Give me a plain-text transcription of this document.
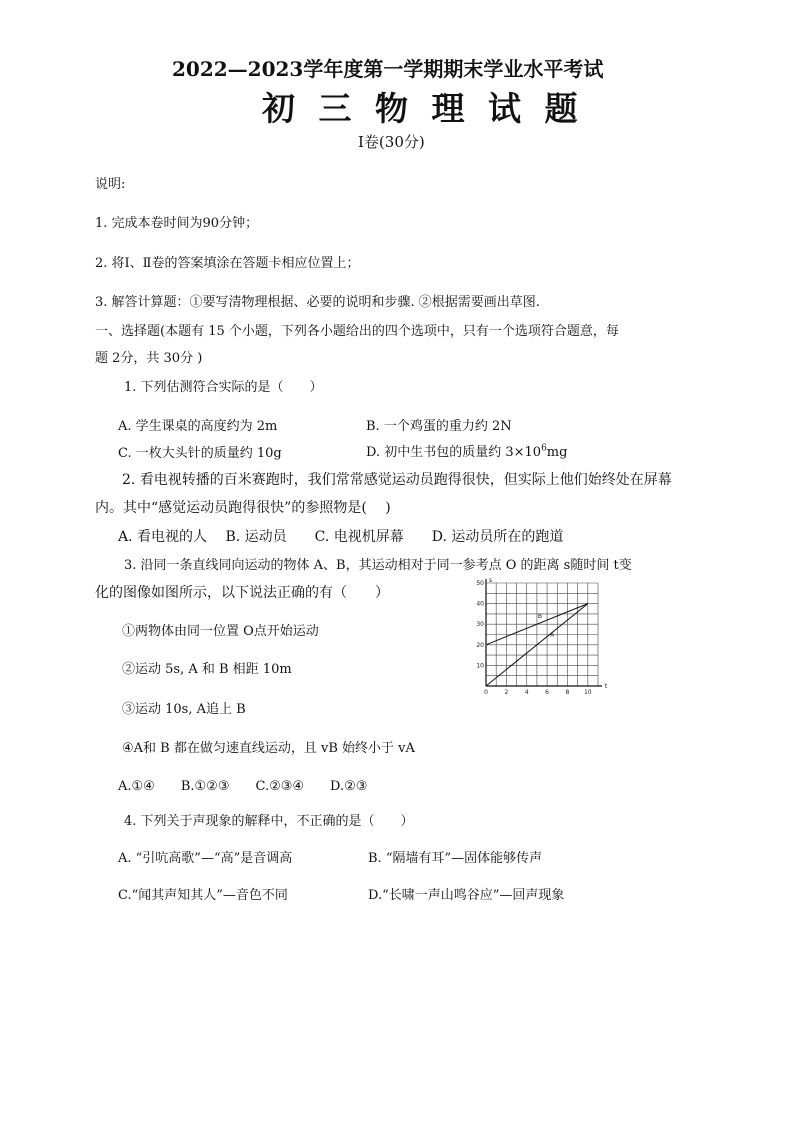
2022—2023学年度第一学期期末学业水平考试
初 三 物 理 试 题
Ⅰ卷(30分)
说明:
1. 完成本卷时间为90分钟；
2. 将Ⅰ、Ⅱ卷的答案填涂在答题卡相应位置上；
3. 解答计算题：①要写清物理根据、必要的说明和步骤. ②根据需要画出草图.
一、选择题(本题有 15 个小题，下列各小题给出的四个选项中，只有一个选项符合题意，每
题 2分，共 30分 )
1. 下列估测符合实际的是（　　）
A. 学生课桌的高度约为 2m	B. 一个鸡蛋的重力约 2N
C. 一枚大头针的质量约 10g	D. 初中生书包的质量约 $3\times 10^6mg$
2. 看电视转播的百米赛跑时，我们常常感觉运动员跑得很快，但实际上他们始终处在屏幕
内。其中“感觉运动员跑得很快”的参照物是(　 )
A. 看电视的人　 B. 运动员　　C. 电视机屏幕　　D. 运动员所在的跑道
3. 沿同一条直线同向运动的物体 A、B，其运动相对于同一参考点 O 的距离 s随时间 t变
化的图像如图所示，以下说法正确的有（　　）
①两物体由同一位置 O点开始运动
②运动 5s, A 和 B 相距 10m
③运动 10s, A追上 B
④A和 B 都在做匀速直线运动，且 vB 始终小于 vA
A.①④　　B.①②③　　C.②③④　　D.②③
0	2	4	6	8 10
10
20
30
40
50
t
s
A
B
4. 下列关于声现象的解释中，不正确的是（　　）
A. “引吭高歌”—“高”是音调高	B. “隔墙有耳”—固体能够传声
C.“闻其声知其人”—音色不同	D.“长啸一声山鸣谷应”—回声现象
